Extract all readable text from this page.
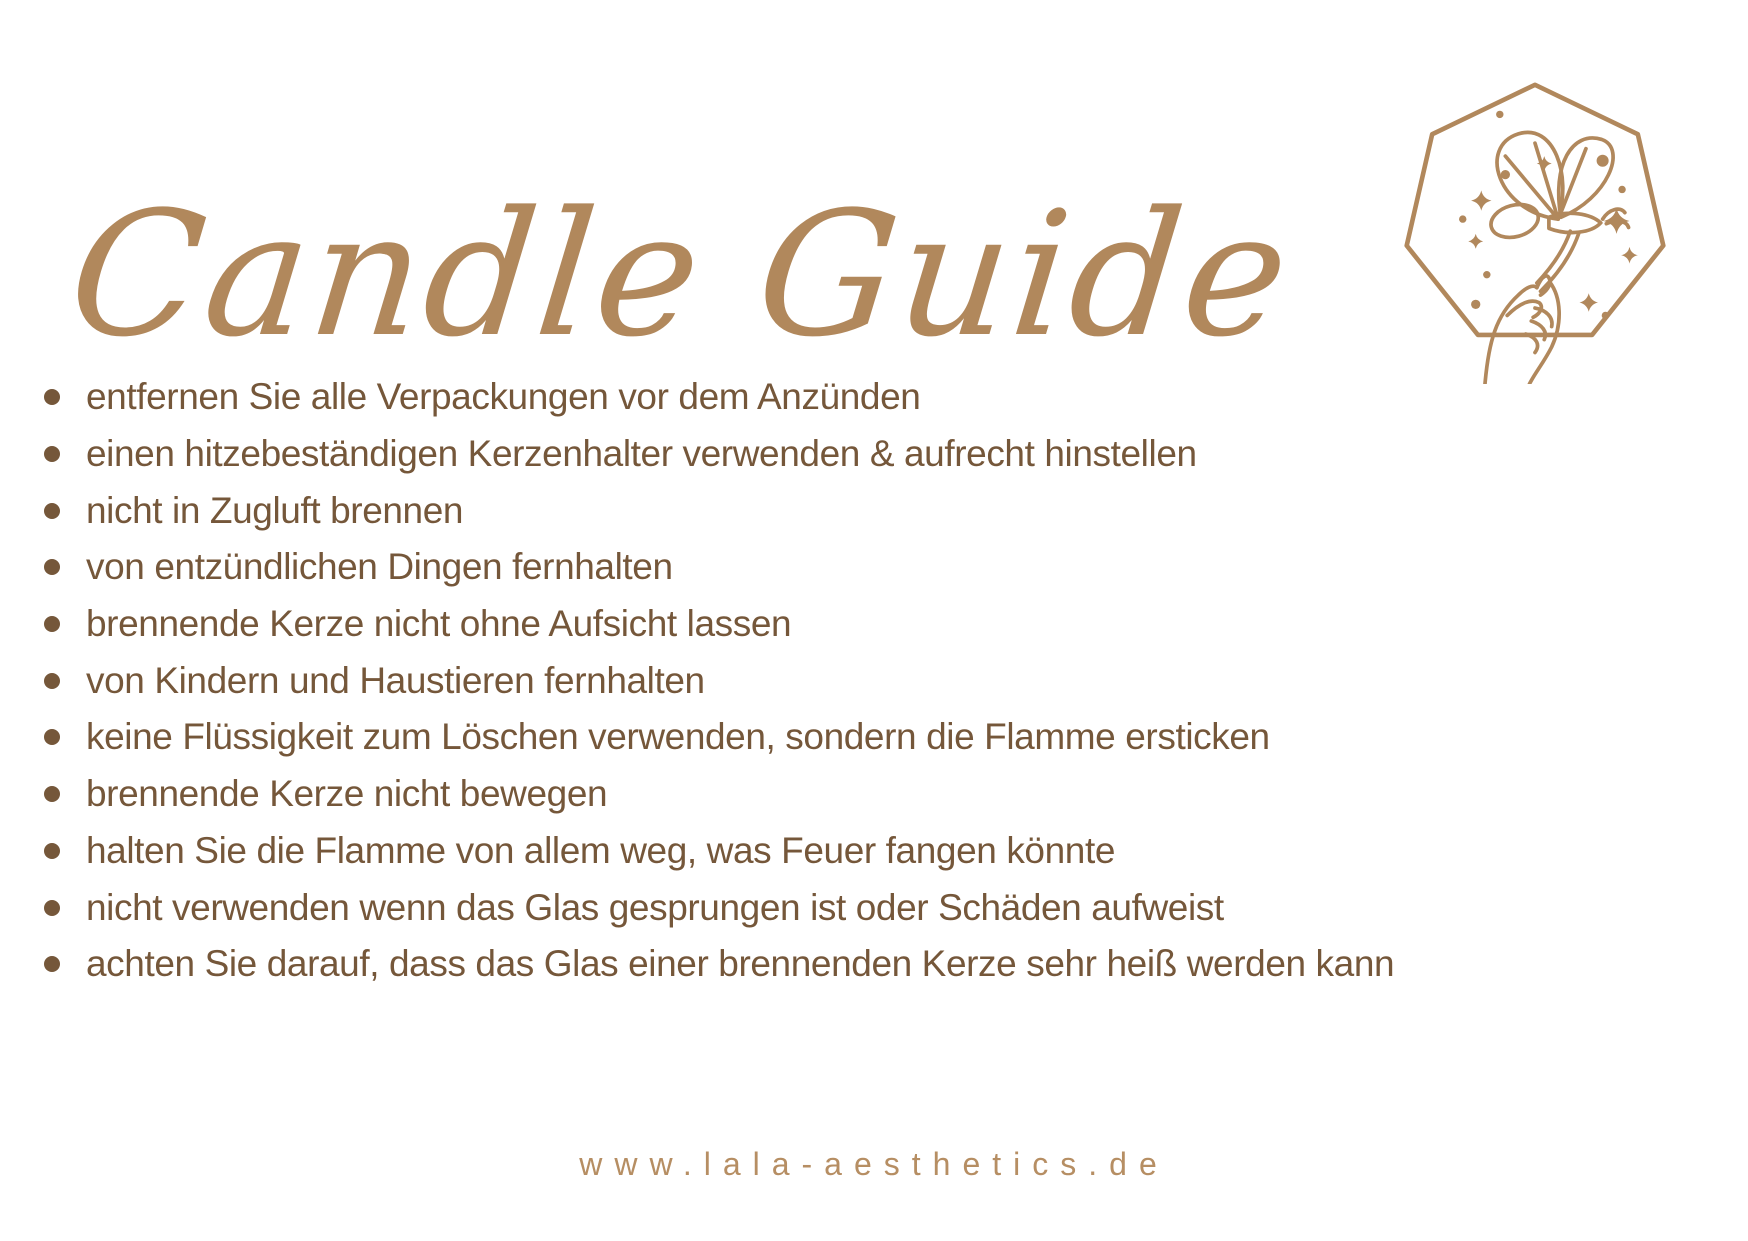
Candle Guide
entfernen Sie alle Verpackungen vor dem Anzünden
einen hitzebeständigen Kerzenhalter verwenden & aufrecht hinstellen
nicht in Zugluft brennen
von entzündlichen Dingen fernhalten
brennende Kerze nicht ohne Aufsicht lassen
von Kindern und Haustieren fernhalten
keine Flüssigkeit zum Löschen verwenden, sondern die Flamme ersticken
brennende Kerze nicht bewegen
halten Sie die Flamme von allem weg, was Feuer fangen könnte
nicht verwenden wenn das Glas gesprungen ist oder Schäden aufweist
achten Sie darauf, dass das Glas einer brennenden Kerze sehr heiß werden kann
www.lala-aesthetics.de
